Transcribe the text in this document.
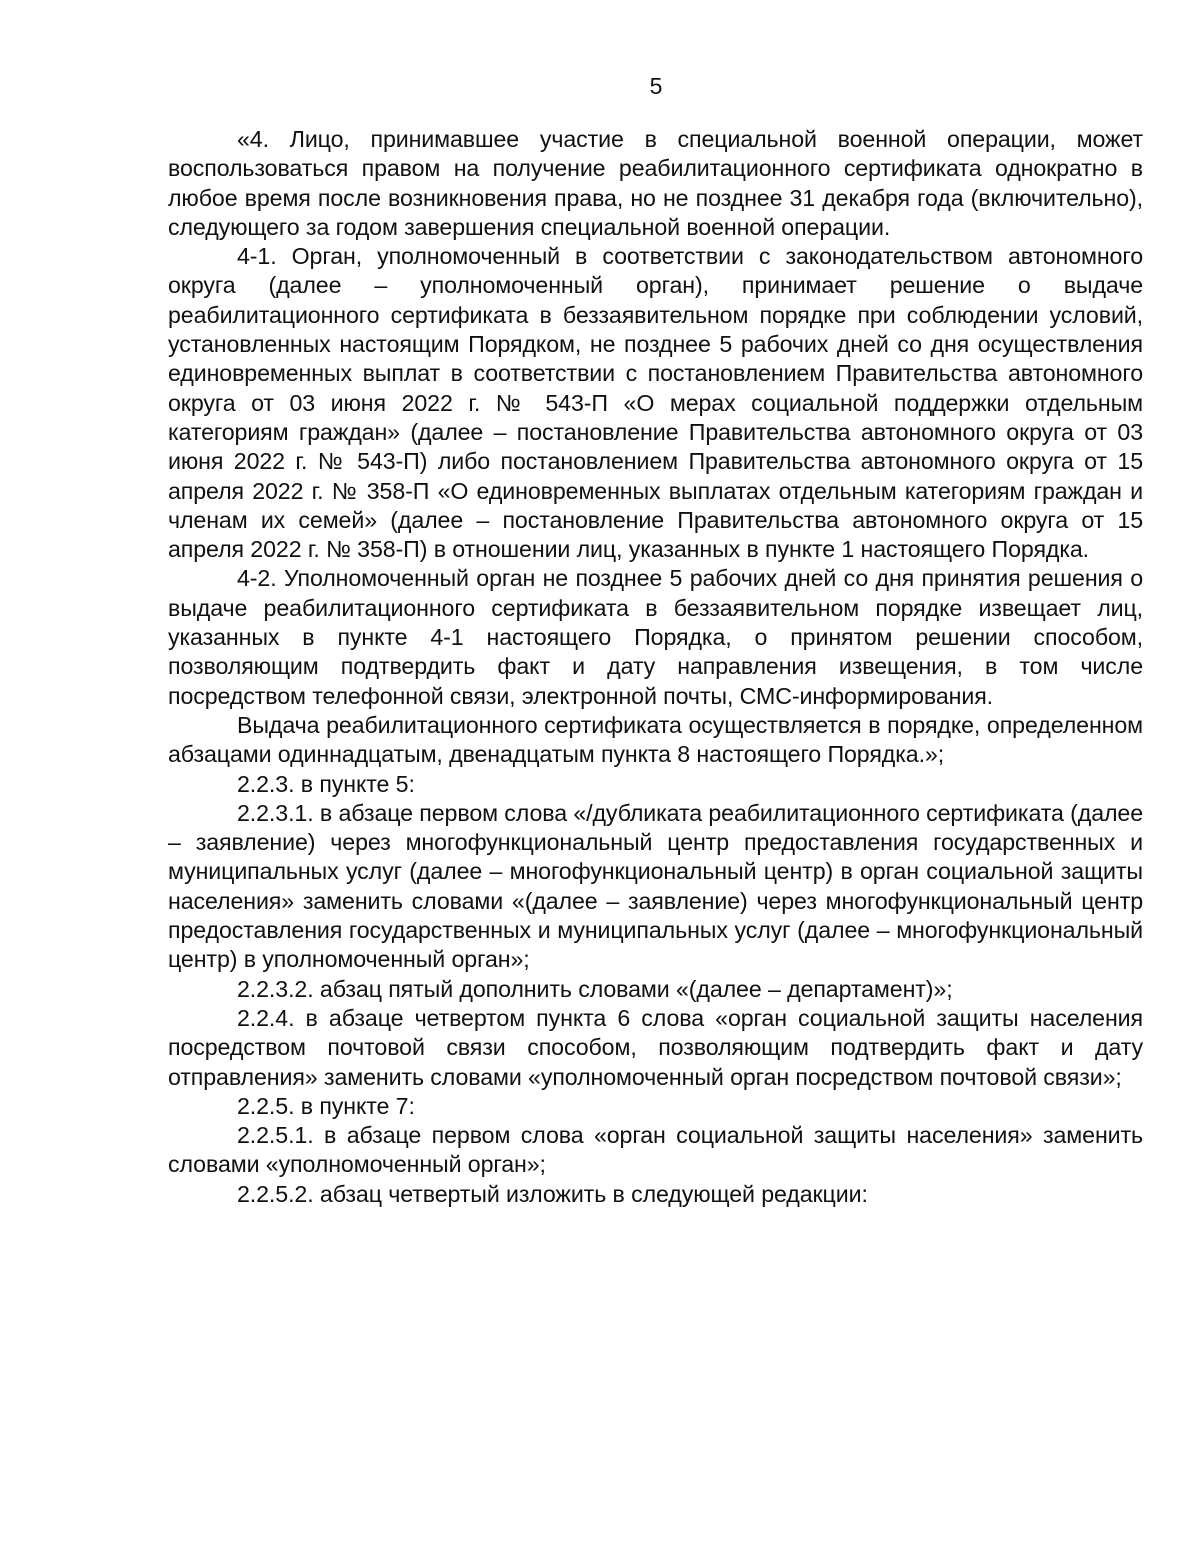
5

«4. Лицо, принимавшее участие в специальной военной операции, может воспользоваться правом на получение реабилитационного сертификата однократно в любое время после возникновения права, но не позднее 31 декабря года (включительно), следующего за годом завершения специальной военной операции.

4-1. Орган, уполномоченный в соответствии с законодательством автономного округа (далее – уполномоченный орган), принимает решение о выдаче реабилитационного сертификата в беззаявительном порядке при соблюдении условий, установленных настоящим Порядком, не позднее 5 рабочих дней со дня осуществления единовременных выплат в соответствии с постановлением Правительства автономного округа от 03 июня 2022 г. № 543-П «О мерах социальной поддержки отдельным категориям граждан» (далее – постановление Правительства автономного округа от 03 июня 2022 г. № 543-П) либо постановлением Правительства автономного округа от 15 апреля 2022 г. № 358-П «О единовременных выплатах отдельным категориям граждан и членам их семей» (далее – постановление Правительства автономного округа от 15 апреля 2022 г. № 358-П) в отношении лиц, указанных в пункте 1 настоящего Порядка.

4-2. Уполномоченный орган не позднее 5 рабочих дней со дня принятия решения о выдаче реабилитационного сертификата в беззаявительном порядке извещает лиц, указанных в пункте 4-1 настоящего Порядка, о принятом решении способом, позволяющим подтвердить факт и дату направления извещения, в том числе посредством телефонной связи, электронной почты, СМС-информирования.

Выдача реабилитационного сертификата осуществляется в порядке, определенном абзацами одиннадцатым, двенадцатым пункта 8 настоящего Порядка.»;

2.2.3. в пункте 5:

2.2.3.1. в абзаце первом слова «/дубликата реабилитационного сертификата (далее – заявление) через многофункциональный центр предоставления государственных и муниципальных услуг (далее – многофункциональный центр) в орган социальной защиты населения» заменить словами «(далее – заявление) через многофункциональный центр предоставления государственных и муниципальных услуг (далее – многофункциональный центр) в уполномоченный орган»;

2.2.3.2. абзац пятый дополнить словами «(далее – департамент)»;

2.2.4. в абзаце четвертом пункта 6 слова «орган социальной защиты населения посредством почтовой связи способом, позволяющим подтвердить факт и дату отправления» заменить словами «уполномоченный орган посредством почтовой связи»;

2.2.5. в пункте 7:

2.2.5.1. в абзаце первом слова «орган социальной защиты населения» заменить словами «уполномоченный орган»;

2.2.5.2. абзац четвертый изложить в следующей редакции:
